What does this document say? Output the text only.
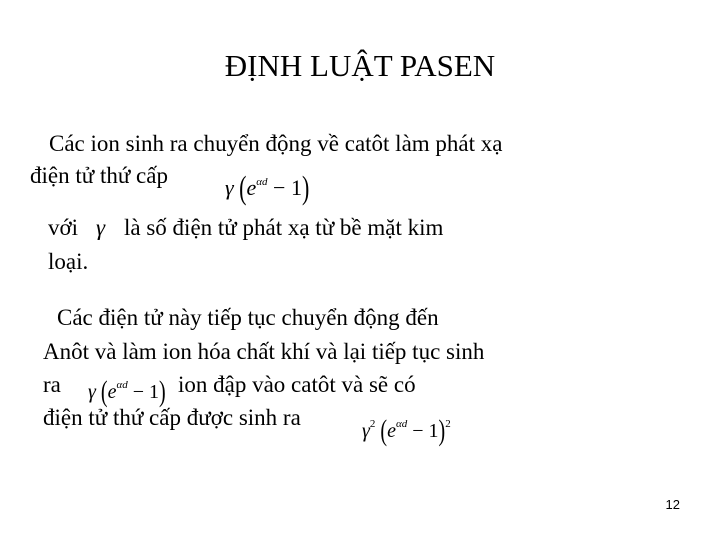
ĐỊNH LUẬT PASEN
Các ion sinh ra chuyển động về catôt làm phát xạ
điện tử thứ cấp	γ $(e^{\alpha d} - 1)$
với γ là số điện tử phát xạ từ bề mặt kim
loại.
Các điện tử này tiếp tục chuyển động đến
Anôt và làm ion hóa chất khí và lại tiếp tục sinh
ra γ $(e^{\alpha d} - 1)$ ion đập vào catôt và sẽ có
điện tử thứ cấp được sinh ra
$\gamma^2$ $(e^{\alpha d} - 1)^2$
12
